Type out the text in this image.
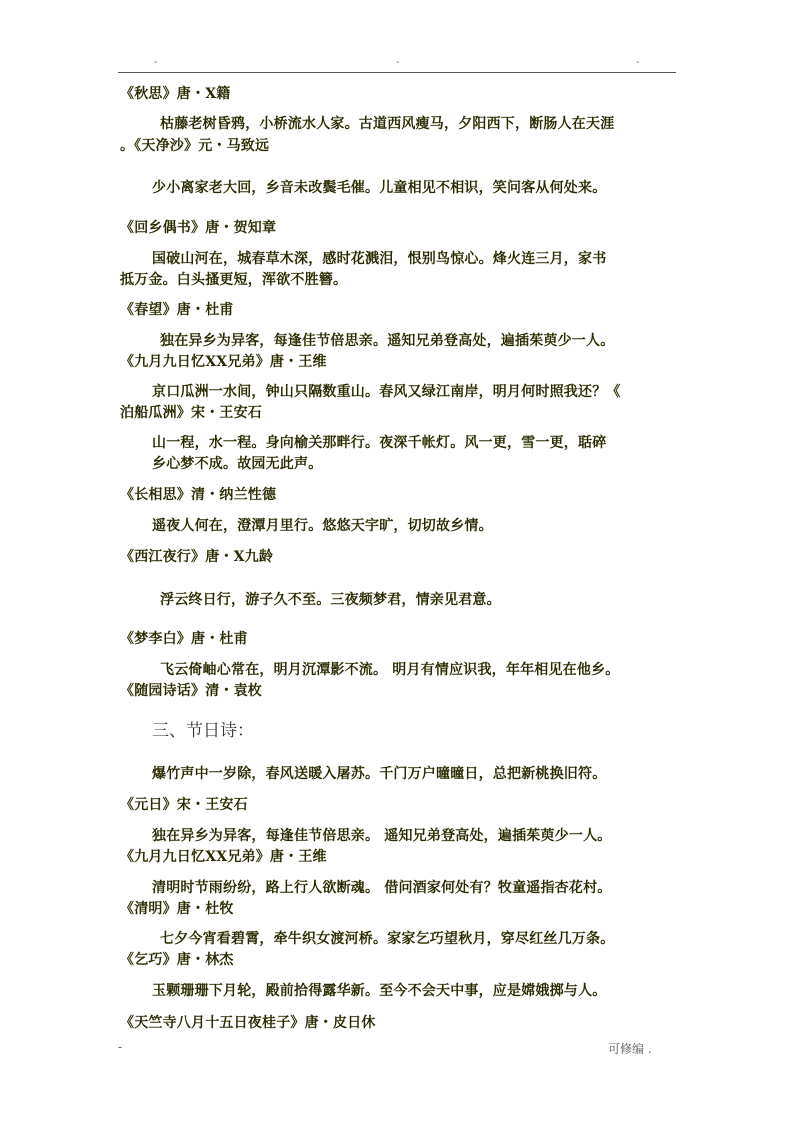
-	-	-
《秋思》唐・X籍
枯藤老树昏鸦，小桥流水人家。古道西风瘦马，夕阳西下，断肠人在天涯
。《天净沙》元・马致远
少小离家老大回，乡音未改鬓毛催。儿童相见不相识，笑问客从何处来。
《回乡偶书》唐・贺知章
国破山河在，城春草木深，感时花溅泪，恨别鸟惊心。烽火连三月，家书
抵万金。白头搔更短，浑欲不胜簪。
《春望》唐・杜甫
独在异乡为异客，每逢佳节倍思亲。遥知兄弟登高处，遍插茱萸少一人。
《九月九日忆XX兄弟》唐・王维
京口瓜洲一水间，钟山只隔数重山。春风又绿江南岸，明月何时照我还？《
泊船瓜洲》宋・王安石
山一程，水一程。身向榆关那畔行。夜深千帐灯。风一更，雪一更，聒碎
乡心梦不成。故园无此声。
《长相思》清・纳兰性德
遥夜人何在，澄潭月里行。悠悠天宇旷，切切故乡情。
《西江夜行》唐・X九龄
浮云终日行，游子久不至。三夜频梦君，情亲见君意。
《梦李白》唐・杜甫
飞云倚岫心常在，明月沉潭影不流。 明月有情应识我，年年相见在他乡。
《随园诗话》清・袁枚
三、节日诗：
爆竹声中一岁除，春风送暖入屠苏。千门万户曈曈日，总把新桃换旧符。
《元日》宋・王安石
独在异乡为异客，每逢佳节倍思亲。 遥知兄弟登高处，遍插茱萸少一人。
《九月九日忆XX兄弟》唐・王维
清明时节雨纷纷，路上行人欲断魂。 借问酒家何处有？牧童遥指杏花村。
《清明》唐・杜牧
七夕今宵看碧霄，牵牛织女渡河桥。家家乞巧望秋月，穿尽红丝几万条。
《乞巧》唐・林杰
玉颗珊珊下月轮，殿前拾得露华新。至今不会天中事，应是嫦娥掷与人。
《天竺寺八月十五日夜桂子》唐・皮日休
-	可修编 .
